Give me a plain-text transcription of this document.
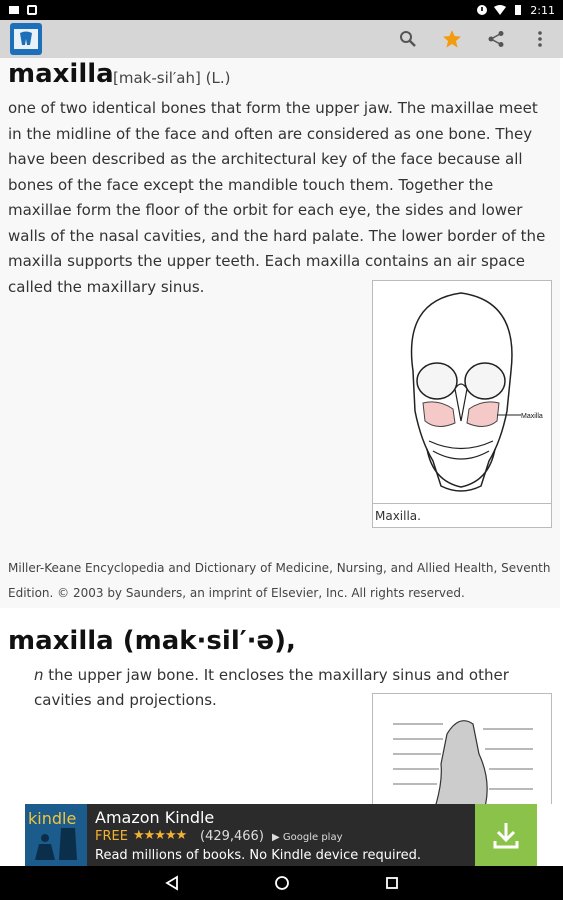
2:11
maxilla [mak-sil′ah] (L.)
one of two identical bones that form the upper jaw. The maxillae meet in the midline of the face and often are considered as one bone. They have been described as the architectural key of the face because all bones of the face except the mandible touch them. Together the maxillae form the floor of the orbit for each eye, the sides and lower walls of the nasal cavities, and the hard palate. The lower border of the maxilla supports the upper teeth. Each maxilla contains an air space called the maxillary sinus.
Maxilla
Maxilla.
Miller-Keane Encyclopedia and Dictionary of Medicine, Nursing, and Allied Health, Seventh Edition. © 2003 by Saunders, an imprint of Elsevier, Inc. All rights reserved.
maxilla (mak·sil′·ə),
n the upper jaw bone. It encloses the maxillary sinus and other cavities and projections.
kindle Amazon Kindle
FREE ★★★★★ (429,466) ▶ Google play
Read millions of books. No Kindle device required.
